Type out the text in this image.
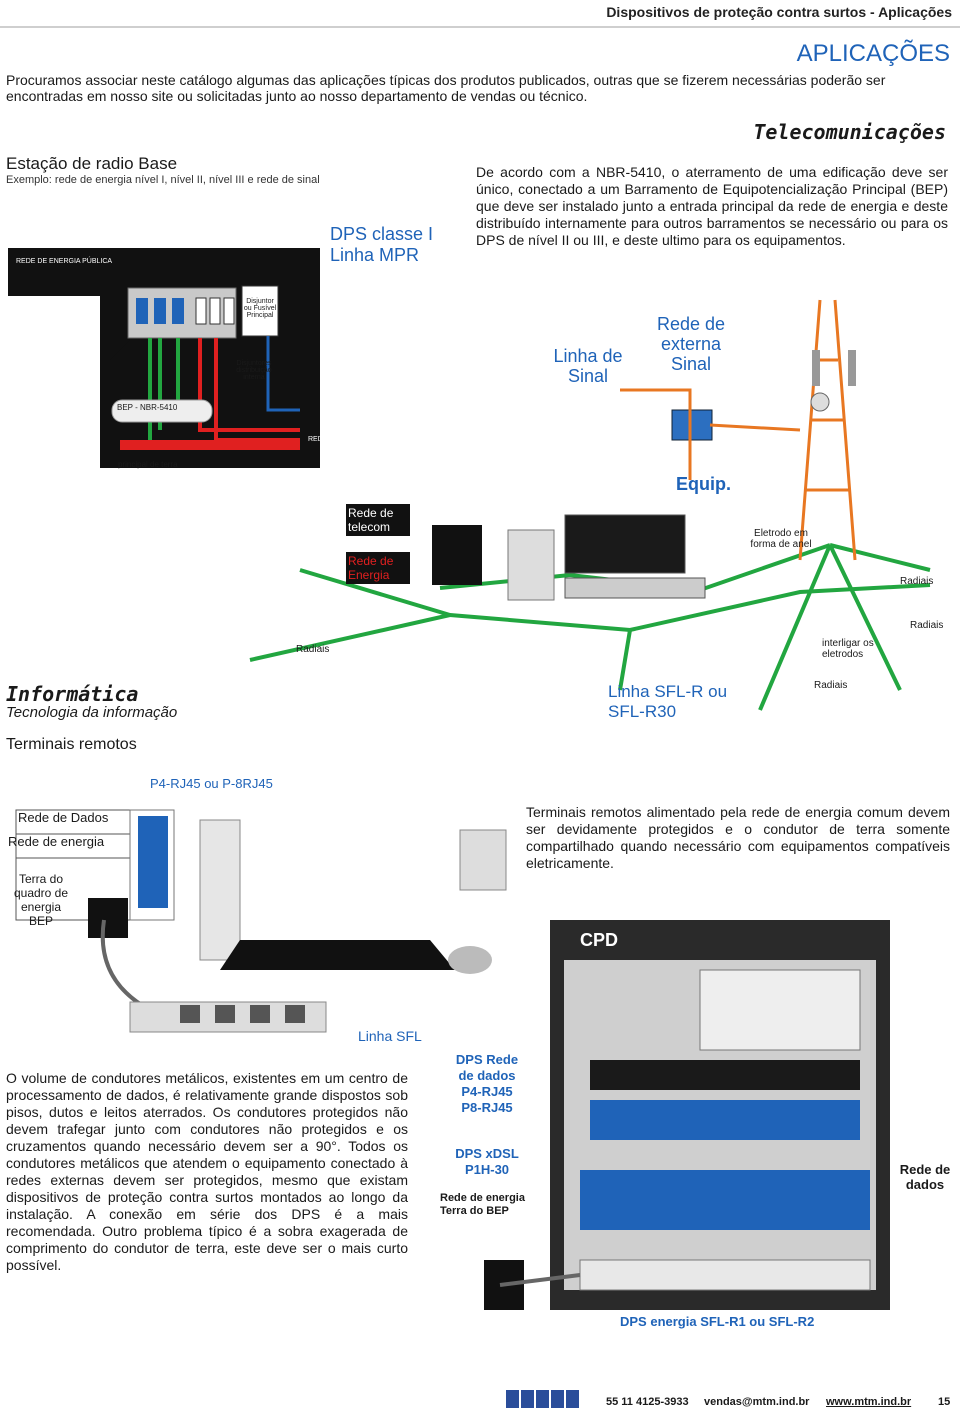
Dispositivos de proteção contra surtos - Aplicações
APLICAÇÕES
Procuramos associar neste catálogo algumas das aplicações típicas dos produtos publicados, outras que se fizerem necessárias poderão ser encontradas em nosso site ou solicitadas junto ao nosso departamento de vendas ou técnico.
Telecomunicações
De acordo com a NBR-5410, o aterramento de uma edificação deve ser único, conectado a um Barramento de Equipotencialização Principal (BEP) que deve ser instalado junto a entrada principal da rede de energia e deste distribuído internamente para outros barramentos se necessário ou para os DPS de nível II ou III, e deste ultimo para os equipamentos.
Estação de radio Base
Exemplo: rede de energia nível I, nível II, nível III e rede de sinal
REDE DE ENERGIA PÚBLICA
DPS classe I
Linha MPR
Disjuntor ou Fusível Principal
Disjuntores distribuição interna
BEP - NBR-5410
REDE INTERNA
principal de terra
Linha de Sinal
Rede de externa Sinal
Equip.
Rede de telecom
Rede de Energia
Eletrodo em forma de anel
Radiais
Radiais
Radiais
Radiais
interligar os eletrodos
Linha SFL-R ou SFL-R30
Informática
Tecnologia da informação
Terminais remotos
P4-RJ45 ou P-8RJ45
Rede de Dados
Rede de energia
Terra do quadro de energia BEP
Terminais remotos alimentado pela rede de energia comum devem ser devidamente protegidos e o condutor de terra somente compartilhado quando necessário com equipamentos compatíveis eletricamente.
Linha SFL
CPD
O volume de condutores metálicos, existentes em um centro de processamento de dados, é relativamente grande dispostos sob pisos, dutos e leitos aterrados. Os condutores protegidos não devem trafegar junto com condutores não protegidos e os cruzamentos quando necessário devem ser a 90°. Todos os condutores metálicos que atendem o equipamento conectado à redes externas devem ser protegidos, mesmo que existam dispositivos de proteção contra surtos montados ao longo da instalação. A conexão em série dos DPS é a mais recomendada. Outro problema típico é a sobra exagerada de comprimento do condutor de terra, este deve ser o mais curto possível.
DPS Rede de dados P4-RJ45 P8-RJ45
DPS xDSL P1H-30
Rede de energia Terra do BEP
Rede de dados
DPS energia SFL-R1 ou SFL-R2
55 11 4125-3933 vendas@mtm.ind.br www.mtm.ind.br 15
